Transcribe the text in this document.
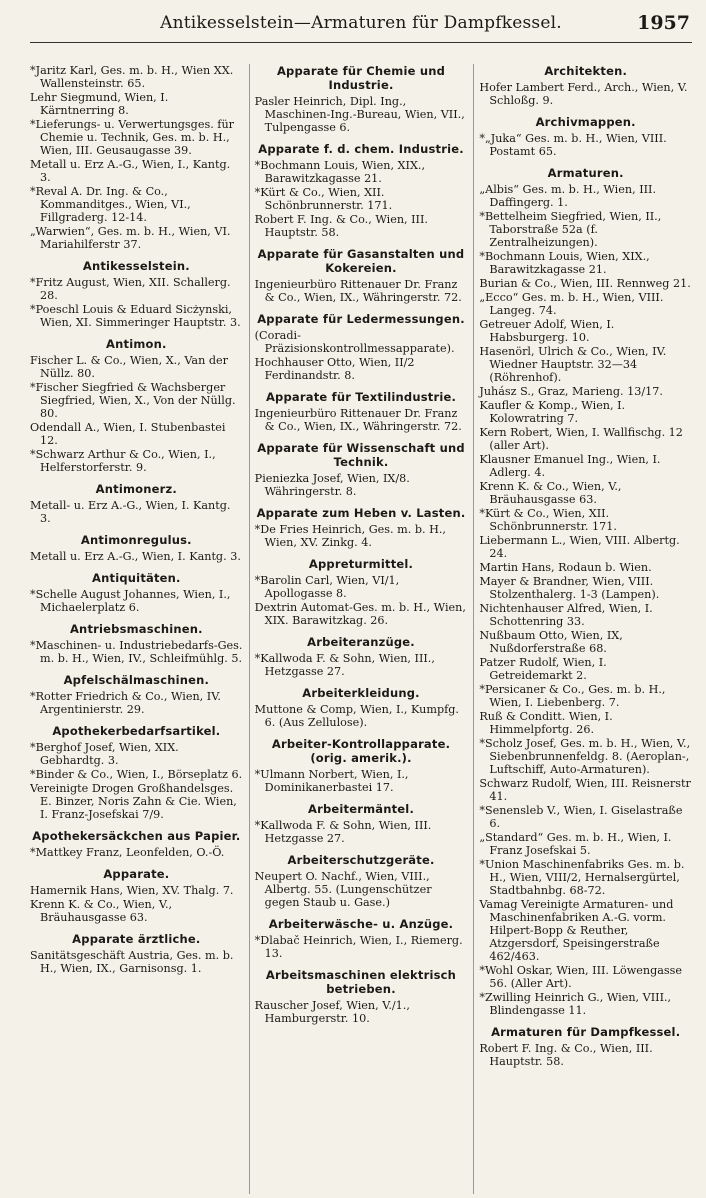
Antikesselstein—Armaturen für Dampfkessel.	1957
*Jaritz Karl, Ges. m. b. H., Wien XX. Wallensteinstr. 65.
Lehr Siegmund, Wien, I. Kärntnerring 8.
*Lieferungs- u. Verwertungsges. für Chemie u. Technik, Ges. m. b. H., Wien, III. Geusaugasse 39.
Metall u. Erz A.-G., Wien, I., Kantg. 3.
*Reval A. Dr. Ing. & Co., Kommanditges., Wien, VI., Fillgraderg. 12-14.
„Warwien“, Ges. m. b. H., Wien, VI. Mariahilferstr 37.
Antikesselstein.
*Fritz August, Wien, XII. Schallerg. 28.
*Poeschl Louis & Eduard Sicżynski, Wien, XI. Simmeringer Hauptstr. 3.
Antimon.
Fischer L. & Co., Wien, X., Van der Nüllz. 80.
*Fischer Siegfried & Wachsberger Siegfried, Wien, X., Von der Nüllg. 80.
Odendall A., Wien, I. Stubenbastei 12.
*Schwarz Arthur & Co., Wien, I., Helferstorferstr. 9.
Antimonerz.
Metall- u. Erz A.-G., Wien, I. Kantg. 3.
Antimonregulus.
Metall u. Erz A.-G., Wien, I. Kantg. 3.
Antiquitäten.
*Schelle August Johannes, Wien, I., Michaelerplatz 6.
Antriebsmaschinen.
*Maschinen- u. Industriebedarfs-Ges. m. b. H., Wien, IV., Schleifmühlg. 5.
Apfelschälmaschinen.
*Rotter Friedrich & Co., Wien, IV. Argentinierstr. 29.
Apothekerbedarfsartikel.
*Berghof Josef, Wien, XIX. Gebhardtg. 3.
*Binder & Co., Wien, I., Börseplatz 6.
Vereinigte Drogen Großhandelsges. E. Binzer, Noris Zahn & Cie. Wien, I. Franz-Josefskai 7/9.
Apothekersäckchen aus Papier.
*Mattkey Franz, Leonfelden, O.-Ö.
Apparate.
Hamernik Hans, Wien, XV. Thalg. 7.
Krenn K. & Co., Wien, V., Bräuhausgasse 63.
Apparate ärztliche.
Sanitätsgeschäft Austria, Ges. m. b. H., Wien, IX., Garnisonsg. 1.
Apparate für Chemie und Industrie.
Pasler Heinrich, Dipl. Ing., Maschinen-Ing.-Bureau, Wien, VII., Tulpengasse 6.
Apparate f. d. chem. Industrie.
*Bochmann Louis, Wien, XIX., Barawitzkagasse 21.
*Kürt & Co., Wien, XII. Schönbrunnerstr. 171.
Robert F. Ing. & Co., Wien, III. Hauptstr. 58.
Apparate für Gasanstalten und Kokereien.
Ingenieurbüro Rittenauer Dr. Franz & Co., Wien, IX., Währingerstr. 72.
Apparate für Ledermessungen.
(Coradi-Präzisionskontrollmessapparate).
Hochhauser Otto, Wien, II/2 Ferdinandstr. 8.
Apparate für Textilindustrie.
Ingenieurbüro Rittenauer Dr. Franz & Co., Wien, IX., Währingerstr. 72.
Apparate für Wissenschaft und Technik.
Pieniezka Josef, Wien, IX/8. Währingerstr. 8.
Apparate zum Heben v. Lasten.
*De Fries Heinrich, Ges. m. b. H., Wien, XV. Zinkg. 4.
Appreturmittel.
*Barolin Carl, Wien, VI/1, Apollogasse 8.
Dextrin Automat-Ges. m. b. H., Wien, XIX. Barawitzkag. 26.
Arbeiteranzüge.
*Kallwoda F. & Sohn, Wien, III., Hetzgasse 27.
Arbeiterkleidung.
Muttone & Comp, Wien, I., Kumpfg. 6. (Aus Zellulose).
Arbeiter-Kontrollapparate. (orig. amerik.).
*Ulmann Norbert, Wien, I., Dominikanerbastei 17.
Arbeitermäntel.
*Kallwoda F. & Sohn, Wien, III. Hetzgasse 27.
Arbeiterschutzgeräte.
Neupert O. Nachf., Wien, VIII., Albertg. 55. (Lungenschützer gegen Staub u. Gase.)
Arbeiterwäsche- u. Anzüge.
*Dlabač Heinrich, Wien, I., Riemerg. 13.
Arbeitsmaschinen elektrisch betrieben.
Rauscher Josef, Wien, V./1., Hamburgerstr. 10.
Architekten.
Hofer Lambert Ferd., Arch., Wien, V. Schloßg. 9.
Archivmappen.
*„Juka“ Ges. m. b. H., Wien, VIII. Postamt 65.
Armaturen.
„Albis“ Ges. m. b. H., Wien, III. Daffingerg. 1.
*Bettelheim Siegfried, Wien, II., Taborstraße 52a (f. Zentralheizungen).
*Bochmann Louis, Wien, XIX., Barawitzkagasse 21.
Burian & Co., Wien, III. Rennweg 21.
„Ecco“ Ges. m. b. H., Wien, VIII. Langeg. 74.
Getreuer Adolf, Wien, I. Habsburgerg. 10.
Hasenörl, Ulrich & Co., Wien, IV. Wiedner Hauptstr. 32—34 (Röhrenhof).
Juhász S., Graz, Marieng. 13/17.
Kaufler & Komp., Wien, I. Kolowratring 7.
Kern Robert, Wien, I. Wallfischg. 12 (aller Art).
Klausner Emanuel Ing., Wien, I. Adlerg. 4.
Krenn K. & Co., Wien, V., Bräuhausgasse 63.
*Kürt & Co., Wien, XII. Schönbrunnerstr. 171.
Liebermann L., Wien, VIII. Albertg. 24.
Martin Hans, Rodaun b. Wien.
Mayer & Brandner, Wien, VIII. Stolzenthalerg. 1-3 (Lampen).
Nichtenhauser Alfred, Wien, I. Schottenring 33.
Nußbaum Otto, Wien, IX, Nußdorferstraße 68.
Patzer Rudolf, Wien, I. Getreidemarkt 2.
*Persicaner & Co., Ges. m. b. H., Wien, I. Liebenberg. 7.
Ruß & Conditt. Wien, I. Himmelpfortg. 26.
*Scholz Josef, Ges. m. b. H., Wien, V., Siebenbrunnenfeldg. 8. (Aeroplan-, Luftschiff, Auto-Armaturen).
Schwarz Rudolf, Wien, III. Reisnerstr 41.
*Senensleb V., Wien, I. Giselastraße 6.
„Standard“ Ges. m. b. H., Wien, I. Franz Josefskai 5.
*Union Maschinenfabriks Ges. m. b. H., Wien, VIII/2, Hernalsergürtel, Stadtbahnbg. 68-72.
Vamag Vereinigte Armaturen- und Maschinenfabriken A.-G. vorm. Hilpert-Bopp & Reuther, Atzgersdorf, Speisingerstraße 462/463.
*Wohl Oskar, Wien, III. Löwengasse 56. (Aller Art).
*Zwilling Heinrich G., Wien, VIII., Blindengasse 11.
Armaturen für Dampfkessel.
Robert F. Ing. & Co., Wien, III. Hauptstr. 58.
